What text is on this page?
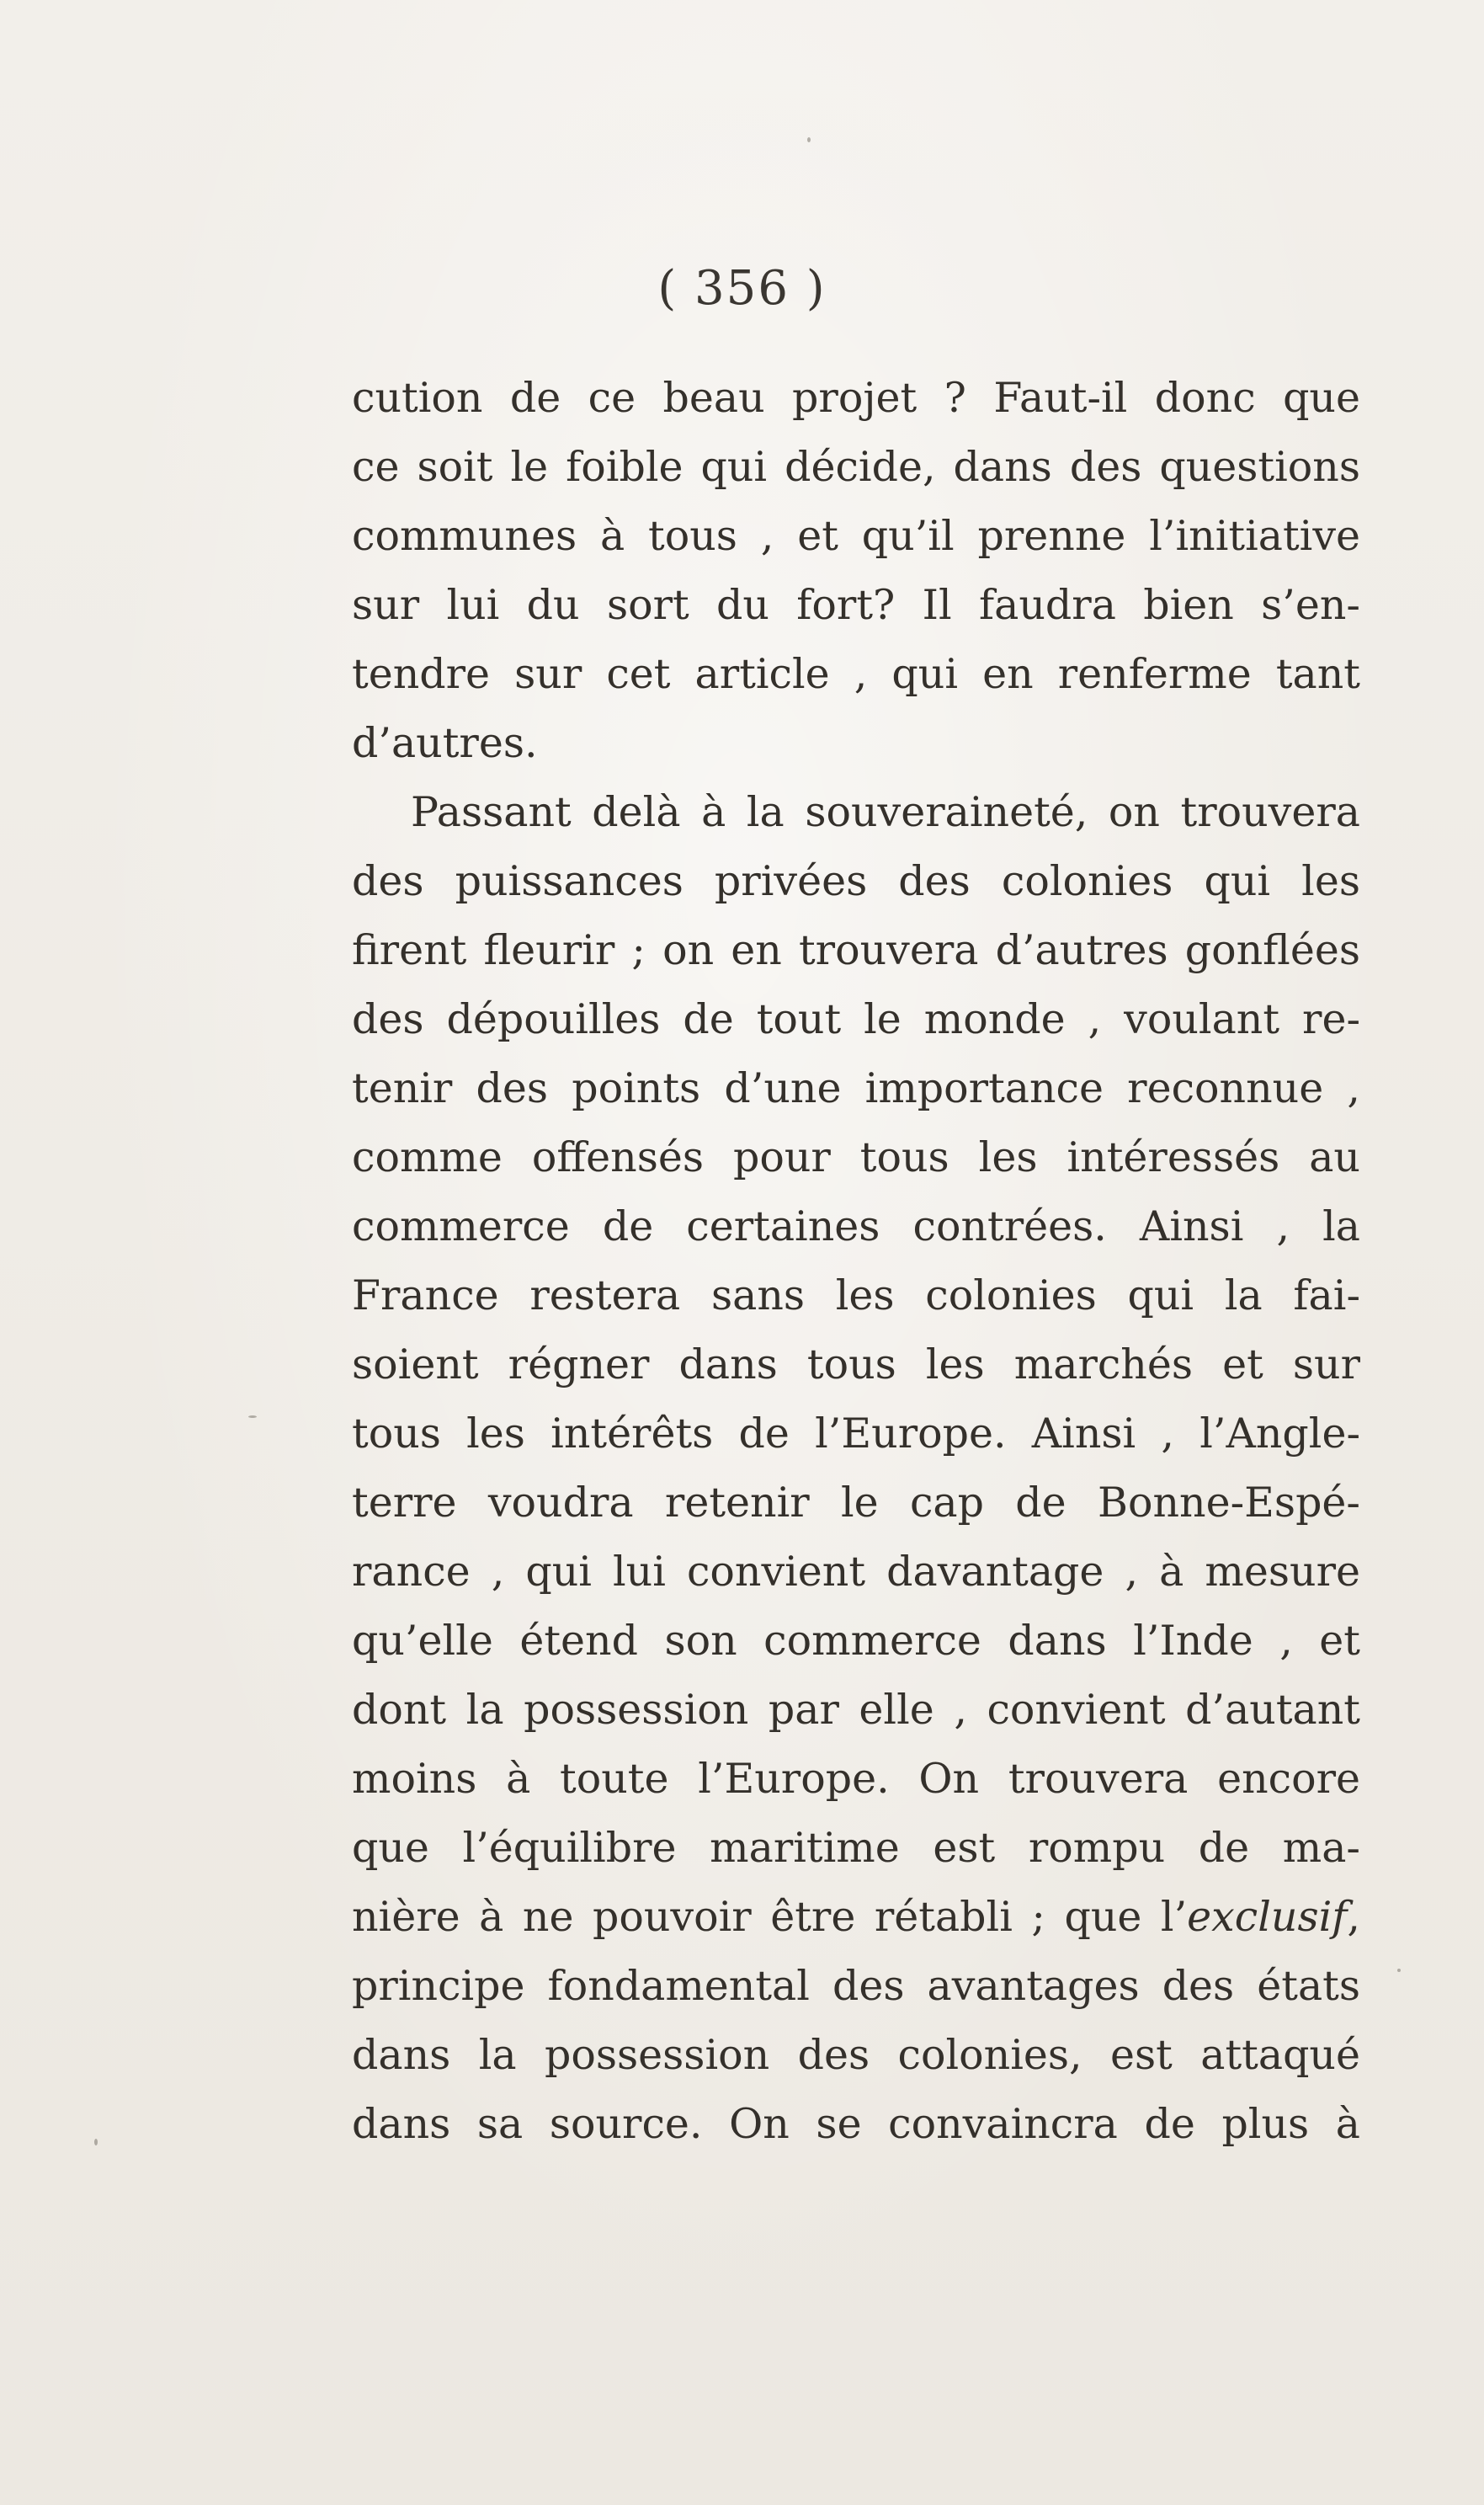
( 356 )
cution de ce beau projet ? Faut-il donc que
ce soit le foible qui décide, dans des questions
communes à tous , et qu’il prenne l’initiative
sur lui du sort du fort? Il faudra bien s’en-
tendre sur cet article , qui en renferme tant
d’autres.
Passant delà à la souveraineté, on trouvera
des puissances privées des colonies qui les
firent fleurir ; on en trouvera d’autres gonflées
des dépouilles de tout le monde , voulant re-
tenir des points d’une importance reconnue ,
comme offensés pour tous les intéressés au
commerce de certaines contrées. Ainsi , la
France restera sans les colonies qui la fai-
soient régner dans tous les marchés et sur
tous les intérêts de l’Europe. Ainsi , l’Angle-
terre voudra retenir le cap de Bonne-Espé-
rance , qui lui convient davantage , à mesure
qu’elle étend son commerce dans l’Inde , et
dont la possession par elle , convient d’autant
moins à toute l’Europe. On trouvera encore
que l’équilibre maritime est rompu de ma-
nière à ne pouvoir être rétabli ; que l’exclusif,
principe fondamental des avantages des états
dans la possession des colonies, est attaqué
dans sa source. On se convaincra de plus à
